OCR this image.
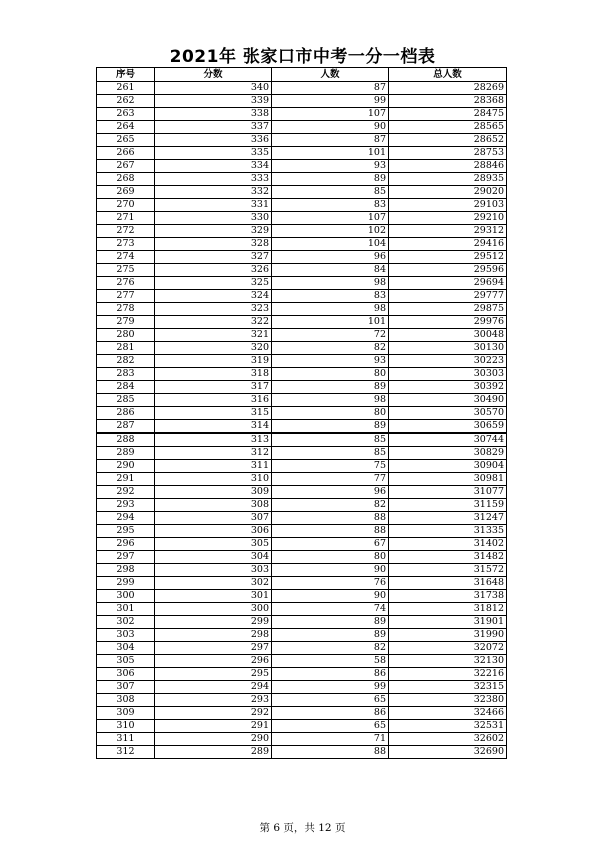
2021年 张家口市中考一分一档表
序号	分数	人数	总人数
261	340	87	28269
262	339	99	28368
263	338	107	28475
264	337	90	28565
265	336	87	28652
266	335	101	28753
267	334	93	28846
268	333	89	28935
269	332	85	29020
270	331	83	29103
271	330	107	29210
272	329	102	29312
273	328	104	29416
274	327	96	29512
275	326	84	29596
276	325	98	29694
277	324	83	29777
278	323	98	29875
279	322	101	29976
280	321	72	30048
281	320	82	30130
282	319	93	30223
283	318	80	30303
284	317	89	30392
285	316	98	30490
286	315	80	30570
287	314	89	30659
288	313	85	30744
289	312	85	30829
290	311	75	30904
291	310	77	30981
292	309	96	31077
293	308	82	31159
294	307	88	31247
295	306	88	31335
296	305	67	31402
297	304	80	31482
298	303	90	31572
299	302	76	31648
300	301	90	31738
301	300	74	31812
302	299	89	31901
303	298	89	31990
304	297	82	32072
305	296	58	32130
306	295	86	32216
307	294	99	32315
308	293	65	32380
309	292	86	32466
310	291	65	32531
311	290	71	32602
312	289	88	32690
第 6 页，共 12 页
